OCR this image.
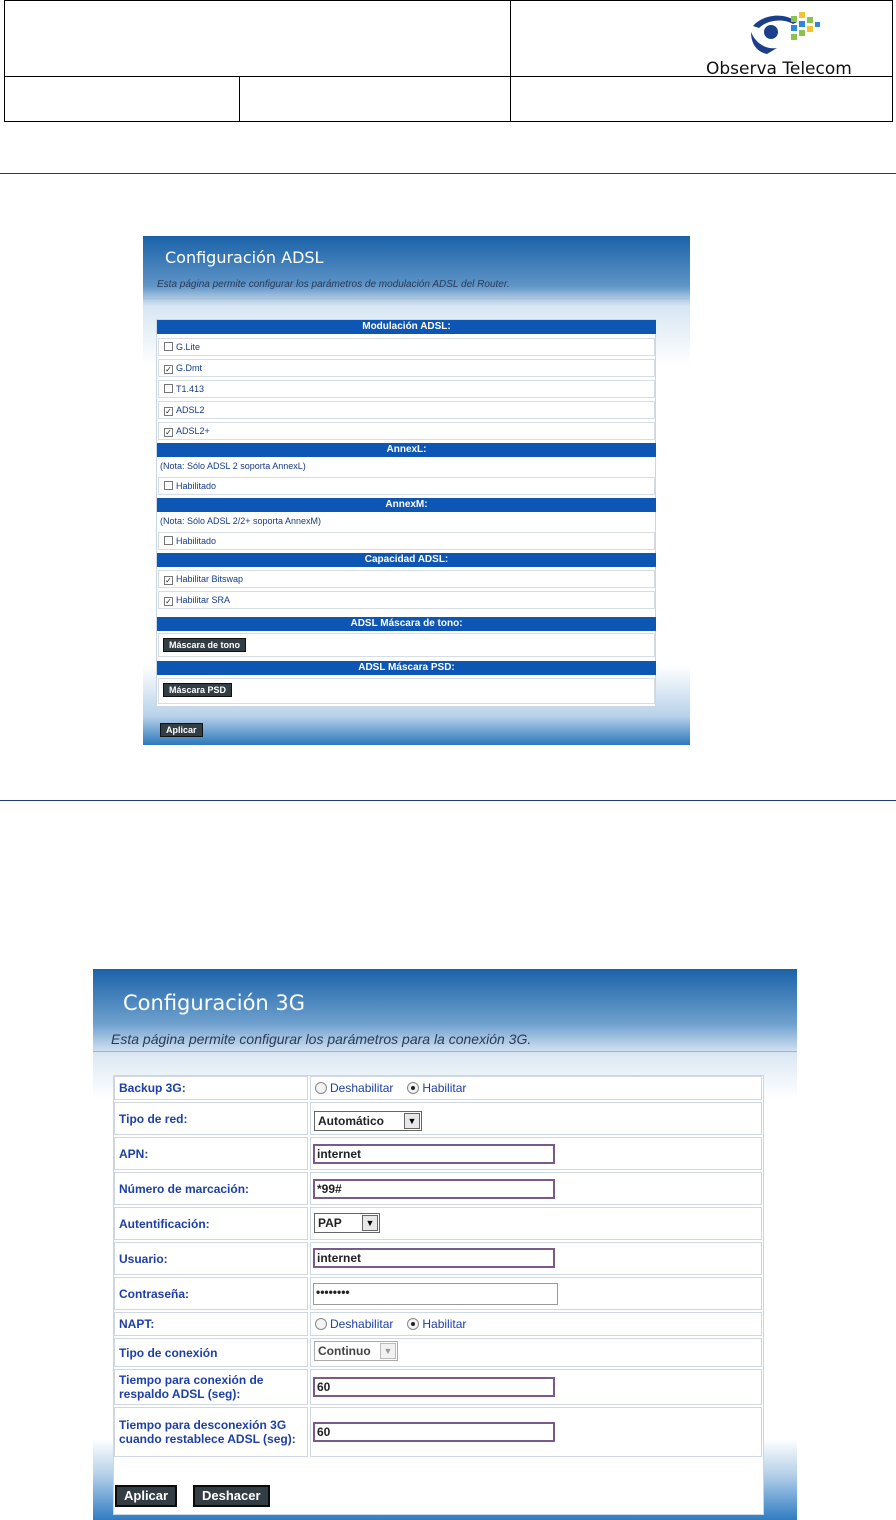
Observa Telecom
Configuración ADSL
Esta página permite configurar los parámetros de modulación ADSL del Router.
Modulación ADSL:
G.Lite
✓ G.Dmt
T1.413
✓ ADSL2
✓ ADSL2+
AnnexL:
(Nota: Sólo ADSL 2 soporta AnnexL)
Habilitado
AnnexM:
(Nota: Sólo ADSL 2/2+ soporta AnnexM)
Habilitado
Capacidad ADSL:
✓ Habilitar Bitswap
✓ Habilitar SRA
ADSL Máscara de tono:
Máscara de tono
ADSL Máscara PSD:
Máscara PSD
Aplicar
Configuración 3G
Esta página permite configurar los parámetros para la conexión 3G.
Backup 3G:	Deshabilitar Habilitar
Tipo de red:	Automático	▼
APN:	internet
Número de marcación:	*99#
Autentificación:	PAP	▼
Usuario:	internet
Contraseña:	••••••••
NAPT:	Deshabilitar Habilitar
Tipo de conexión	Continuo	▼
Tiempo para conexión de respaldo ADSL (seg):	60
Tiempo para desconexión 3G cuando restablece ADSL (seg):	60
Aplicar	Deshacer
